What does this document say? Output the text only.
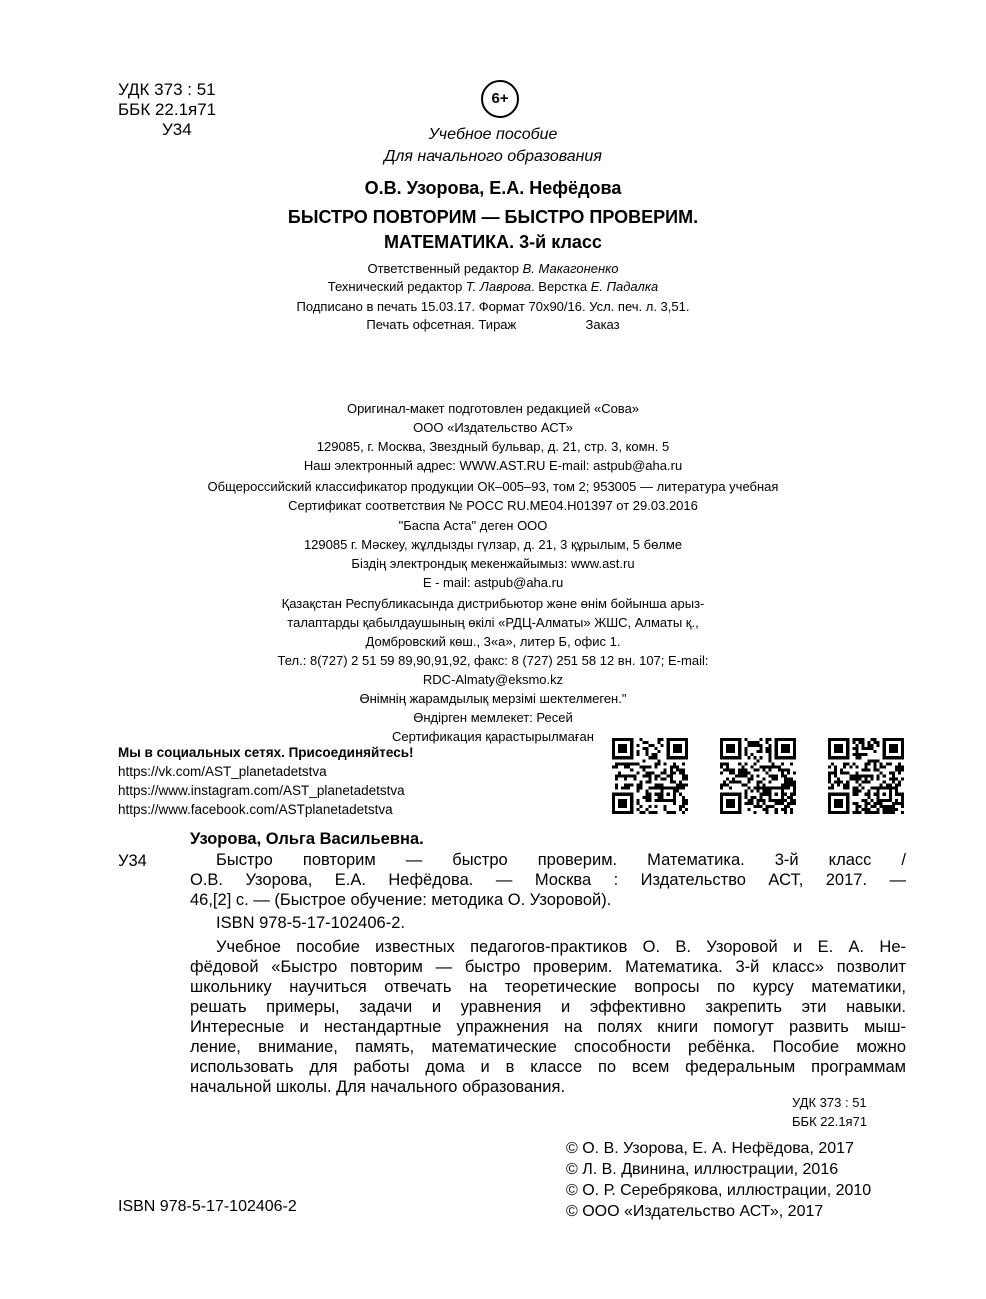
УДК 373 : 51
ББК 22.1я71
У34
6+
Учебное пособие
Для начального образования
О.В. Узорова, Е.А. Нефёдова
БЫСТРО ПОВТОРИМ — БЫСТРО ПРОВЕРИМ.
МАТЕМАТИКА. 3-й класс
Ответственный редактор В. Макагоненко
Технический редактор Т. Лаврова. Верстка Е. Падалка
Подписано в печать 15.03.17. Формат 70x90/16. Усл. печ. л. 3,51.
Печать офсетная. Тираж	Заказ
Оригинал-макет подготовлен редакцией «Сова»
ООО «Издательство АСТ»
129085, г. Москва, Звездный бульвар, д. 21, стр. 3, комн. 5
Наш электронный адрес: WWW.AST.RU E-mail: astpub@aha.ru
Общероссийский классификатор продукции ОК–005–93, том 2; 953005 — литература учебная
Сертификат соответствия № РОСС RU.МЕ04.Н01397 от 29.03.2016
"Баспа Аста" деген ООО
129085 г. Мәскеу, жұлдызды гүлзар, д. 21, 3 құрылым, 5 бөлме
Біздің электрондық мекенжайымыз: www.ast.ru
E - mail: astpub@aha.ru
Қазақстан Республикасында дистрибьютор және өнім бойынша арыз-
талаптарды қабылдаушының өкілі «РДЦ-Алматы» ЖШС, Алматы қ.,
Домбровский көш., 3«а», литер Б, офис 1.
Тел.: 8(727) 2 51 59 89,90,91,92, факс: 8 (727) 251 58 12 вн. 107; E-mail:
RDC-Almaty@eksmo.kz
Өнімнің жарамдылық мерзімі шектелмеген."
Өндірген мемлекет: Ресей
Сертификация қарастырылмаған
Мы в социальных сетях. Присоединяйтесь!
https://vk.com/AST_planetadetstva
https://www.instagram.com/AST_planetadetstva
https://www.facebook.com/ASTplanetadetstva
Узорова, Ольга Васильевна.
У34	Быстро повторим — быстро проверим. Математика. 3-й класс /
О.В. Узорова, Е.А. Нефёдова. — Москва : Издательство АСТ, 2017. —
46,[2] с. — (Быстрое обучение: методика О. Узоровой).
ISBN 978-5-17-102406-2.
Учебное пособие известных педагогов-практиков О. В. Узоровой и Е. А. Не-
фёдовой «Быстро повторим — быстро проверим. Математика. 3-й класс» позволит
школьнику научиться отвечать на теоретические вопросы по курсу математики,
решать примеры, задачи и уравнения и эффективно закрепить эти навыки.
Интересные и нестандартные упражнения на полях книги помогут развить мыш-
ление, внимание, память, математические способности ребёнка. Пособие можно
использовать для работы дома и в классе по всем федеральным программам
начальной школы. Для начального образования.
УДК 373 : 51
ББК 22.1я71
© О. В. Узорова, Е. А. Нефёдова, 2017
© Л. В. Двинина, иллюстрации, 2016
© О. Р. Серебрякова, иллюстрации, 2010
© ООО «Издательство АСТ», 2017
ISBN 978-5-17-102406-2
